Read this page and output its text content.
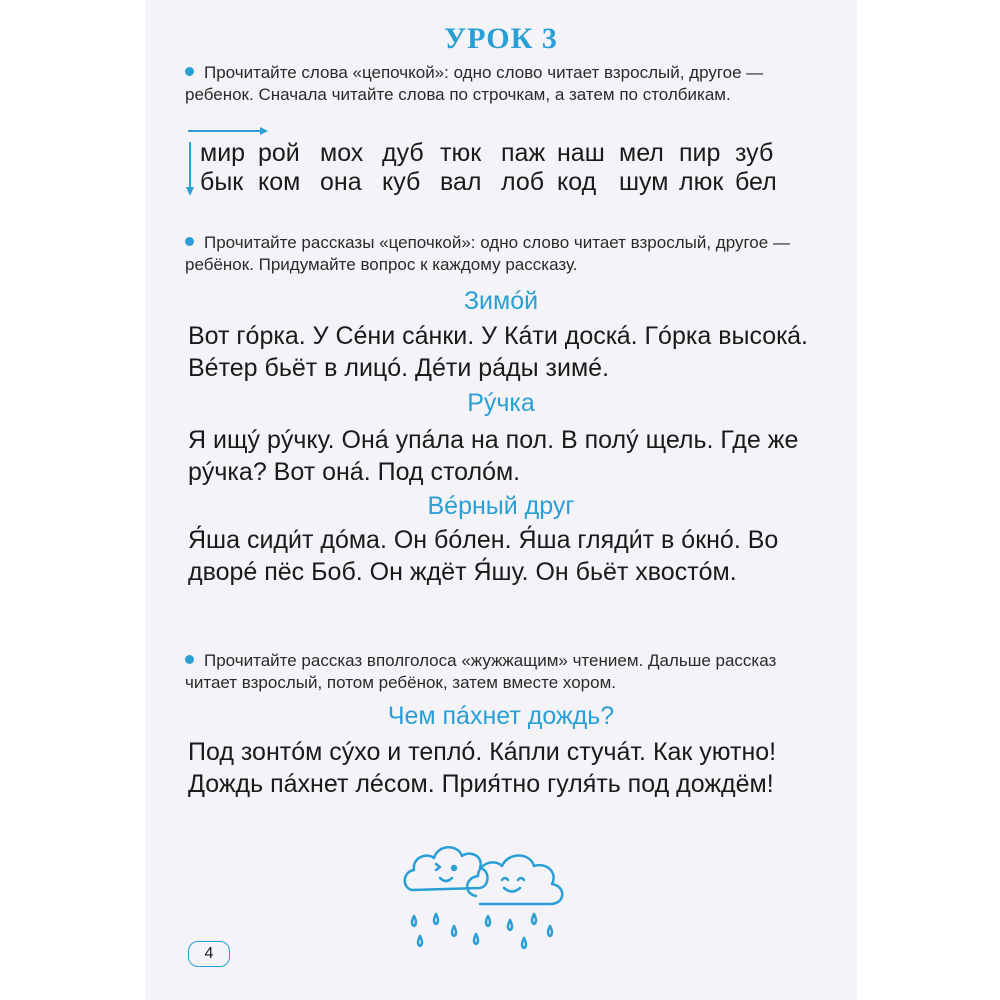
УРОК 3
Прочитайте слова «цепочкой»: одно слово читает взрослый, другое — ребенок. Сначала читайте слова по строчкам, а затем по столбикам.
мир рой мох дуб тюк паж наш мел пир зуб
бык ком она куб вал лоб код шум люк бел
Прочитайте рассказы «цепочкой»: одно слово читает взрослый, другое — ребёнок. Придумайте вопрос к каждому рассказу.
Зимóй
Вот гóрка. У Сéни сáнки. У Кáти доскá. Гóрка высокá. Вéтер бьёт в лицó. Дéти рáды зимé.
Рýчка
Я ищý рýчку. Онá упáла на пол. В полý щель. Где же рýчка? Вот онá. Под столóм.
Вéрный друг
Я́ша сиди́т дóма. Он бóлен. Я́ша гляди́т в óкнó. Во дворé пёс Боб. Он ждёт Я́шу. Он бьёт хвостóм.
Прочитайте рассказ вполголоса «жужжащим» чтением. Дальше рассказ читает взрослый, потом ребёнок, затем вместе хором.
Чем пáхнет дождь?
Под зонтóм сýхо и теплó. Кáпли стучáт. Как уютно! Дождь пáхнет лéсом. Прия́тно гуля́ть под дождём!
4
